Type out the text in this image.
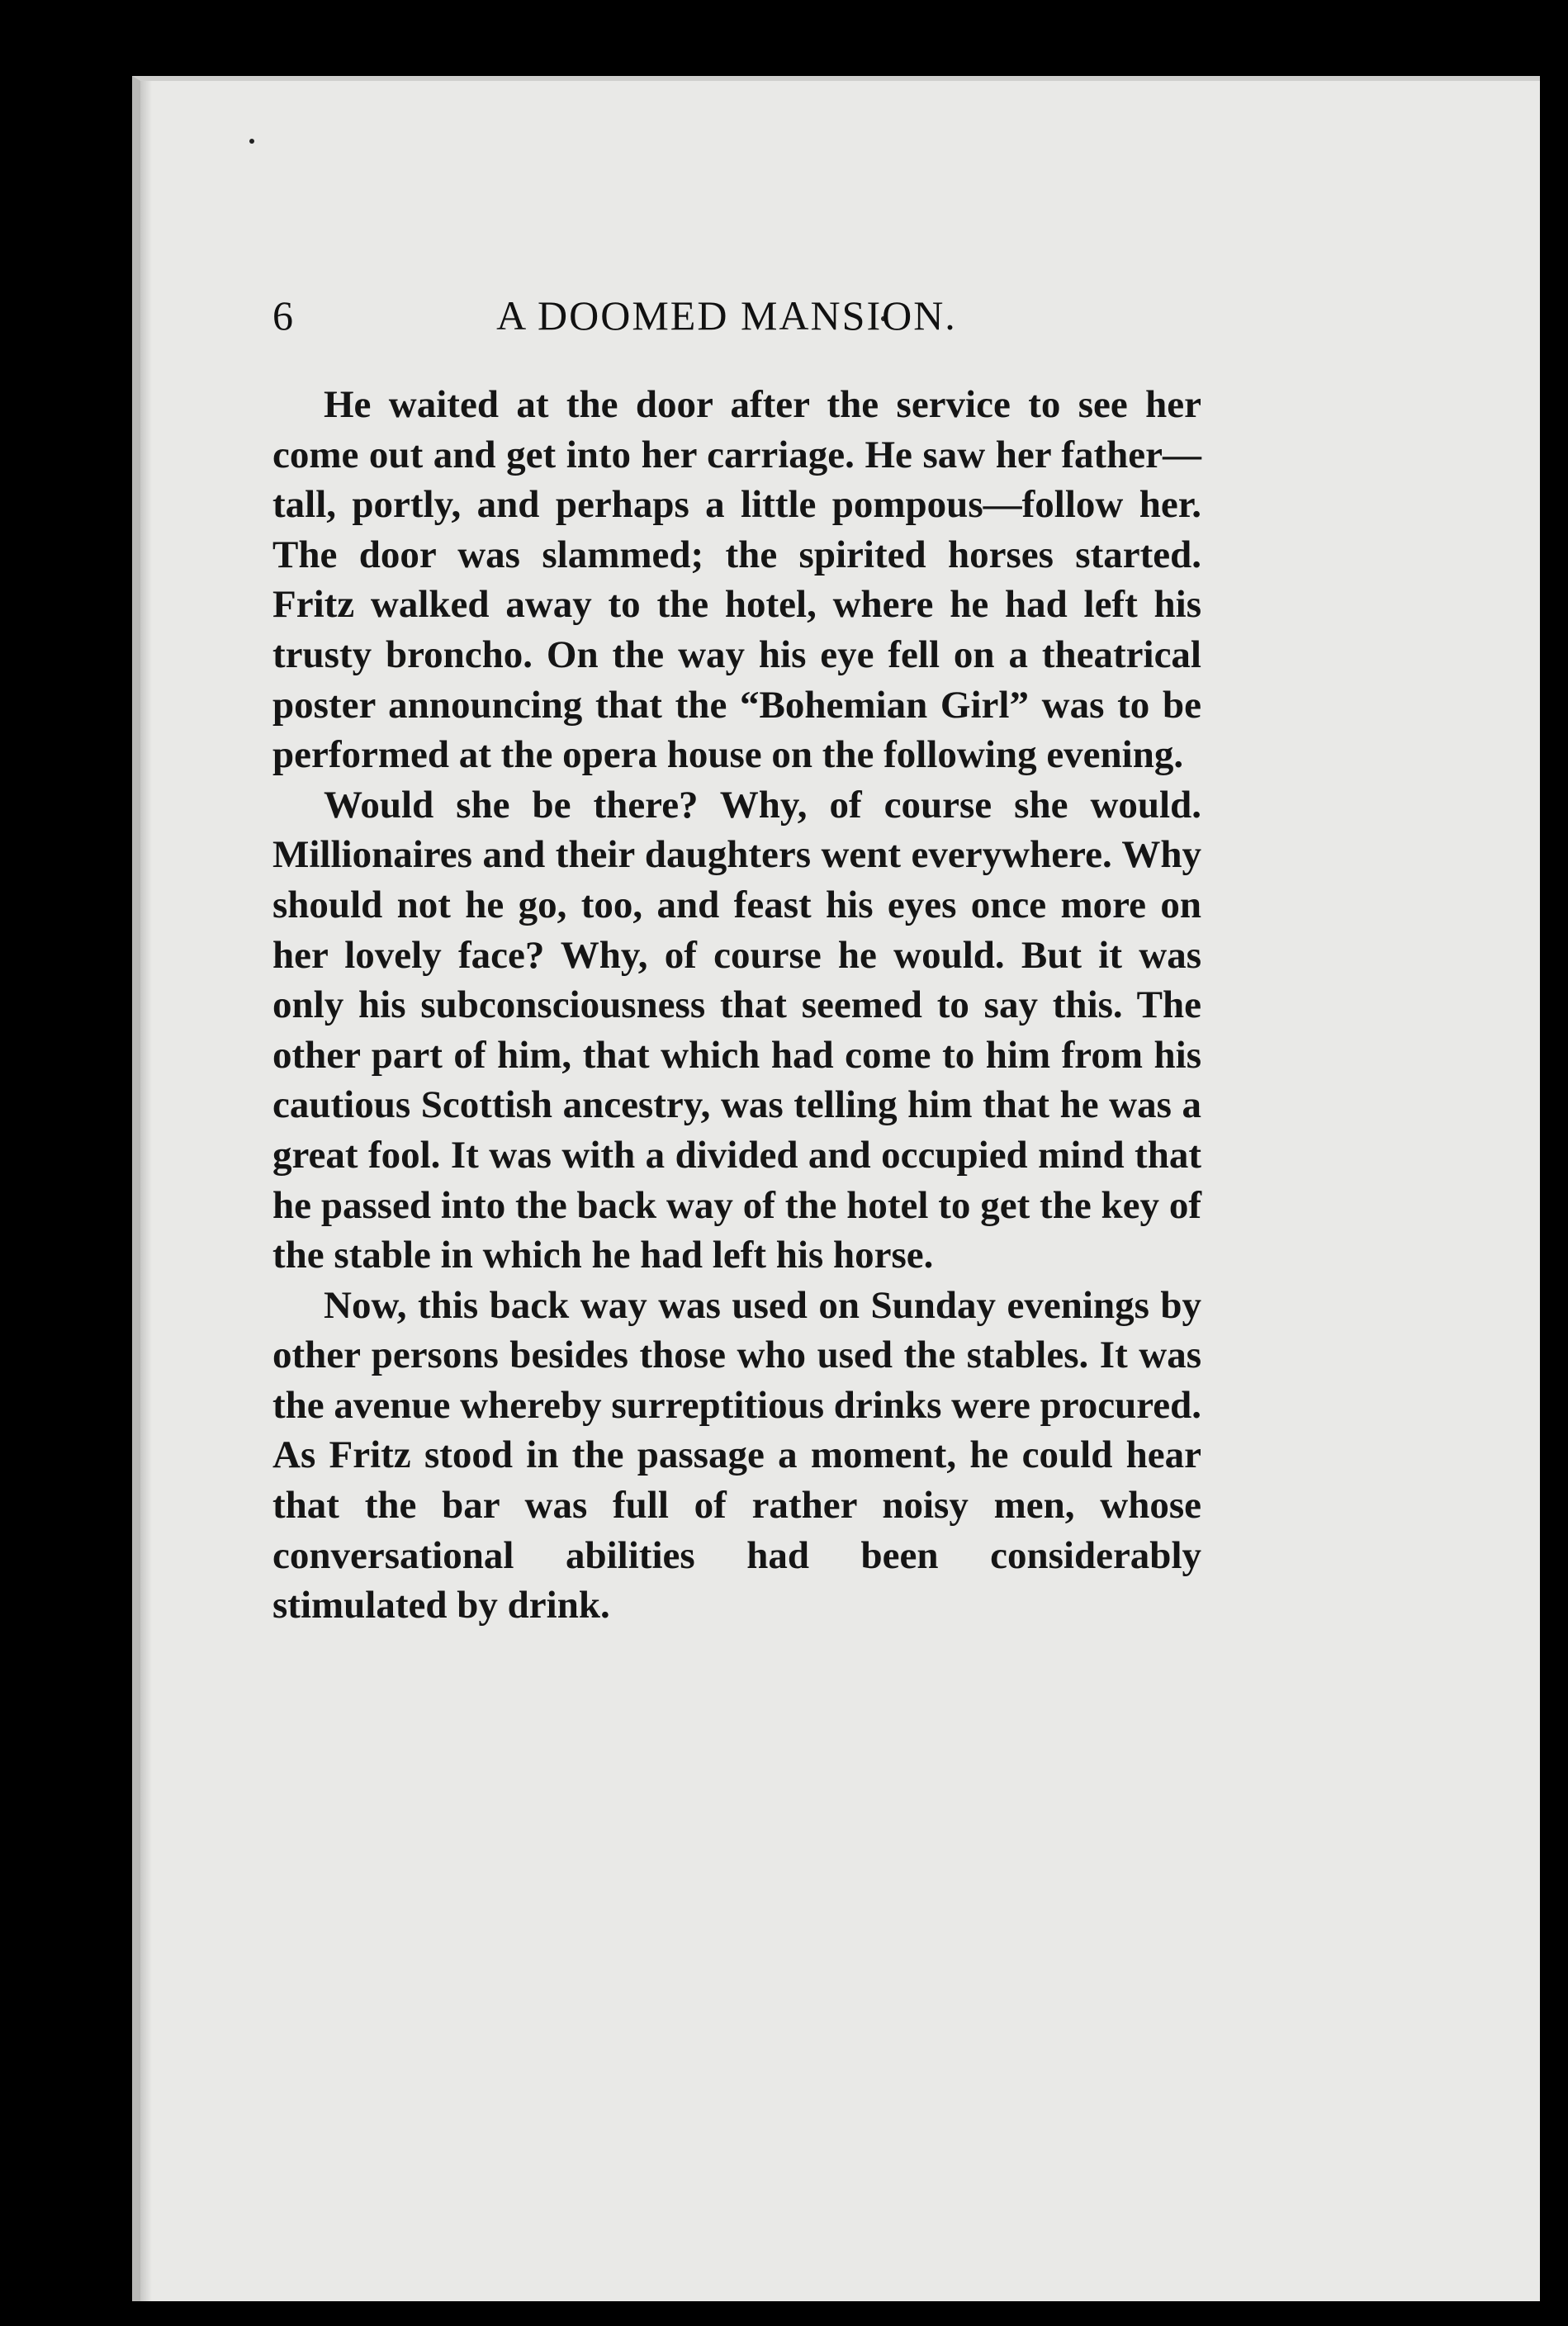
6	A DOOMED MANSION.

He waited at the door after the service to see her come out and get into her carriage. He saw her father—tall, portly, and perhaps a little pompous—follow her. The door was slammed; the spirited horses started. Fritz walked away to the hotel, where he had left his trusty broncho. On the way his eye fell on a theatrical poster announcing that the “Bohemian Girl” was to be performed at the opera house on the following evening.

Would she be there? Why, of course she would. Millionaires and their daughters went everywhere. Why should not he go, too, and feast his eyes once more on her lovely face? Why, of course he would. But it was only his subconsciousness that seemed to say this. The other part of him, that which had come to him from his cautious Scottish ancestry, was telling him that he was a great fool. It was with a divided and occupied mind that he passed into the back way of the hotel to get the key of the stable in which he had left his horse.

Now, this back way was used on Sunday evenings by other persons besides those who used the stables. It was the avenue whereby surreptitious drinks were procured. As Fritz stood in the passage a moment, he could hear that the bar was full of rather noisy men, whose conversational abilities had been considerably stimulated by drink.
